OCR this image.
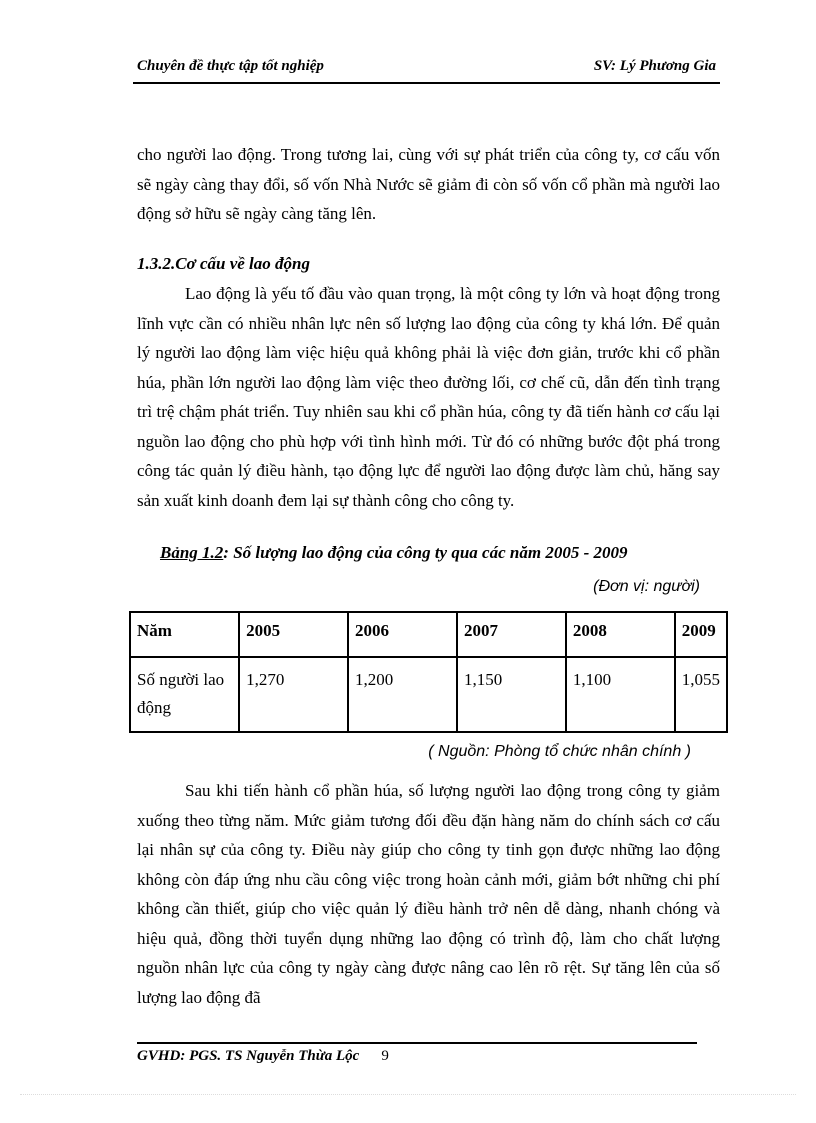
Chuyên đề thực tập tốt nghiệp	SV: Lý Phương Gia

cho người lao động. Trong tương lai, cùng với sự phát triển của công ty, cơ cấu vốn sẽ ngày càng thay đổi, số vốn Nhà Nước sẽ giảm đi còn số vốn cổ phần mà người lao động sở hữu sẽ ngày càng tăng lên.

1.3.2.Cơ cấu về lao động

Lao động là yếu tố đầu vào quan trọng, là một công ty lớn và hoạt động trong lĩnh vực cần có nhiều nhân lực nên số lượng lao động của công ty khá lớn. Để quản lý người lao động làm việc hiệu quả không phải là việc đơn giản, trước khi cổ phần húa, phần lớn người lao động làm việc theo đường lối, cơ chế cũ, dẫn đến tình trạng trì trệ chậm phát triển. Tuy nhiên sau khi cổ phần húa, công ty đã tiến hành cơ cấu lại nguồn lao động cho phù hợp với tình hình mới. Từ đó có những bước đột phá trong công tác quản lý điều hành, tạo động lực để người lao động được làm chủ, hăng say sản xuất kinh doanh đem lại sự thành công cho công ty.

Bảng 1.2: Số lượng lao động của công ty qua các năm 2005 - 2009
(Đơn vị: người)
Năm	2005	2006	2007	2008	2009
Số người lao động	1,270	1,200	1,150	1,100	1,055
( Nguồn: Phòng tổ chức nhân chính )

Sau khi tiến hành cổ phần húa, số lượng người lao động trong công ty giảm xuống theo từng năm. Mức giảm tương đối đều đặn hàng năm do chính sách cơ cấu lại nhân sự của công ty. Điều này giúp cho công ty tinh gọn được những lao động không còn đáp ứng nhu cầu công việc trong hoàn cảnh mới, giảm bớt những chi phí không cần thiết, giúp cho việc quản lý điều hành trở nên dễ dàng, nhanh chóng và hiệu quả, đồng thời tuyển dụng những lao động có trình độ, làm cho chất lượng nguồn nhân lực của công ty ngày càng được nâng cao lên rõ rệt. Sự tăng lên của số lượng lao động đã

GVHD: PGS. TS Nguyễn Thừa Lộc 9
